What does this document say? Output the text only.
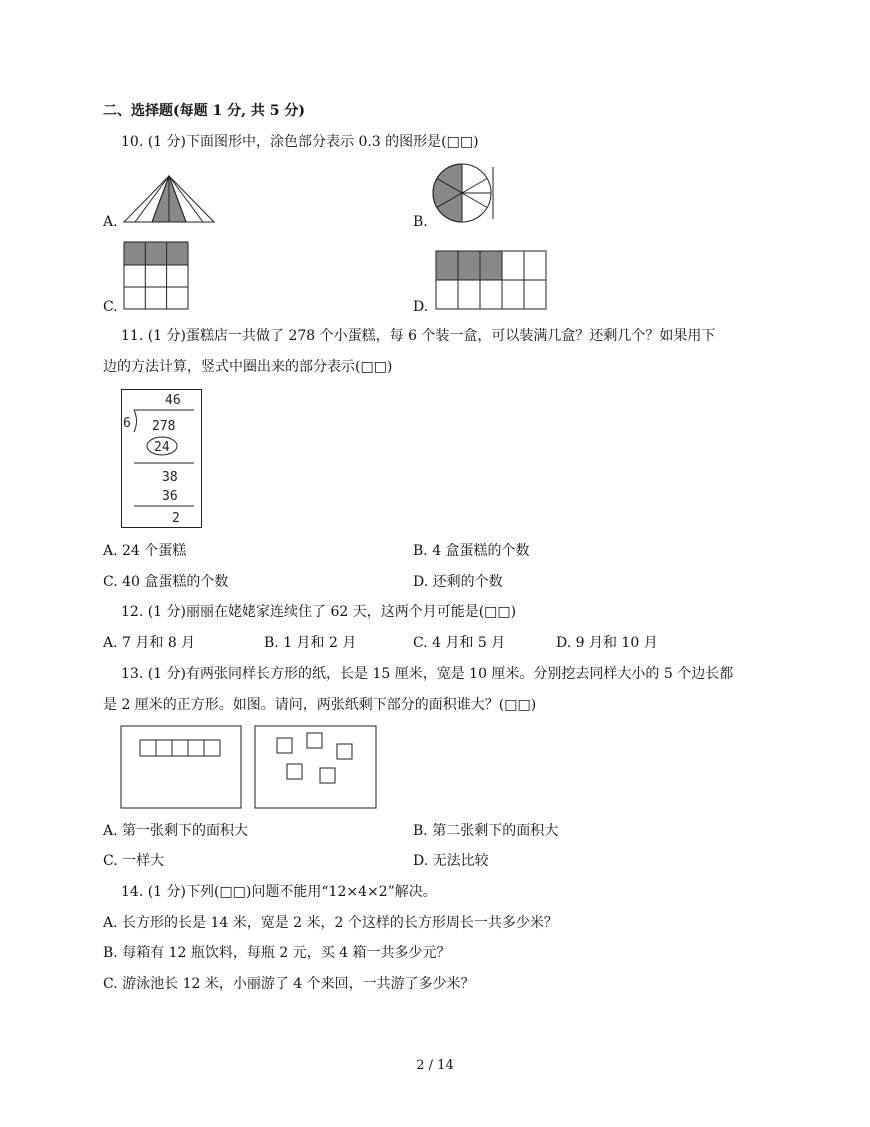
二、选择题(每题 1 分, 共 5 分)
10. (1 分)下面图形中，涂色部分表示 0.3 的图形是(□□)
A.	B.
C.	D.
11. (1 分)蛋糕店一共做了 278 个小蛋糕，每 6 个装一盒，可以装满几盒？还剩几个？如果用下
边的方法计算，竖式中圈出来的部分表示(□□)
46
6 278
24
38
36
2
A. 24 个蛋糕	B. 4 盒蛋糕的个数
C. 40 盒蛋糕的个数	D. 还剩的个数
12. (1 分)丽丽在姥姥家连续住了 62 天，这两个月可能是(□□)
A. 7 月和 8 月	B. 1 月和 2 月	C. 4 月和 5 月	D. 9 月和 10 月
13. (1 分)有两张同样长方形的纸，长是 15 厘米，宽是 10 厘米。分别挖去同样大小的 5 个边长都
是 2 厘米的正方形。如图。请问，两张纸剩下部分的面积谁大？(□□)
A. 第一张剩下的面积大	B. 第二张剩下的面积大
C. 一样大	D. 无法比较
14. (1 分)下列(□□)问题不能用“12×4×2”解决。
A. 长方形的长是 14 米，宽是 2 米，2 个这样的长方形周长一共多少米？
B. 每箱有 12 瓶饮料，每瓶 2 元，买 4 箱一共多少元？
C. 游泳池长 12 米，小丽游了 4 个来回，一共游了多少米？
2 / 14
